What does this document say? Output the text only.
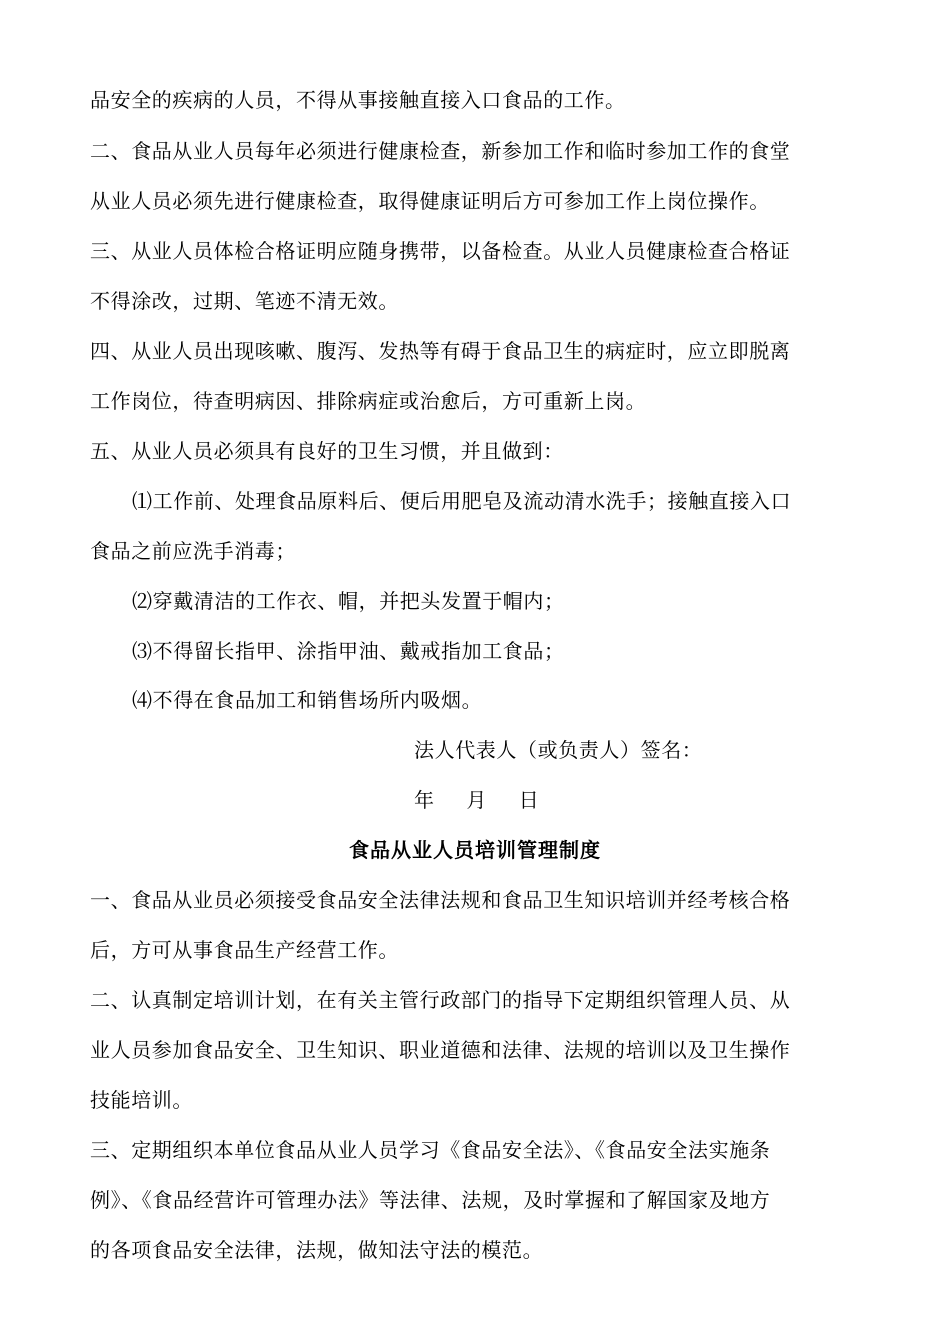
品安全的疾病的人员，不得从事接触直接入口食品的工作。
二、食品从业人员每年必须进行健康检查，新参加工作和临时参加工作的食堂
从业人员必须先进行健康检查，取得健康证明后方可参加工作上岗位操作。
三、从业人员体检合格证明应随身携带，以备检查。从业人员健康检查合格证
不得涂改，过期、笔迹不清无效。
四、从业人员出现咳嗽、腹泻、发热等有碍于食品卫生的病症时，应立即脱离
工作岗位，待查明病因、排除病症或治愈后，方可重新上岗。
五、从业人员必须具有良好的卫生习惯，并且做到：
⑴工作前、处理食品原料后、便后用肥皂及流动清水洗手；接触直接入口
食品之前应洗手消毒；
⑵穿戴清洁的工作衣、帽，并把头发置于帽内；
⑶不得留长指甲、涂指甲油、戴戒指加工食品；
⑷不得在食品加工和销售场所内吸烟。
法人代表人（或负责人）签名：
年 月 日
食品从业人员培训管理制度
一、食品从业员必须接受食品安全法律法规和食品卫生知识培训并经考核合格
后，方可从事食品生产经营工作。
二、认真制定培训计划，在有关主管行政部门的指导下定期组织管理人员、从
业人员参加食品安全、卫生知识、职业道德和法律、法规的培训以及卫生操作
技能培训。
三、定期组织本单位食品从业人员学习《食品安全法》、《食品安全法实施条
例》、《食品经营许可管理办法》等法律、法规，及时掌握和了解国家及地方
的各项食品安全法律，法规，做知法守法的模范。
